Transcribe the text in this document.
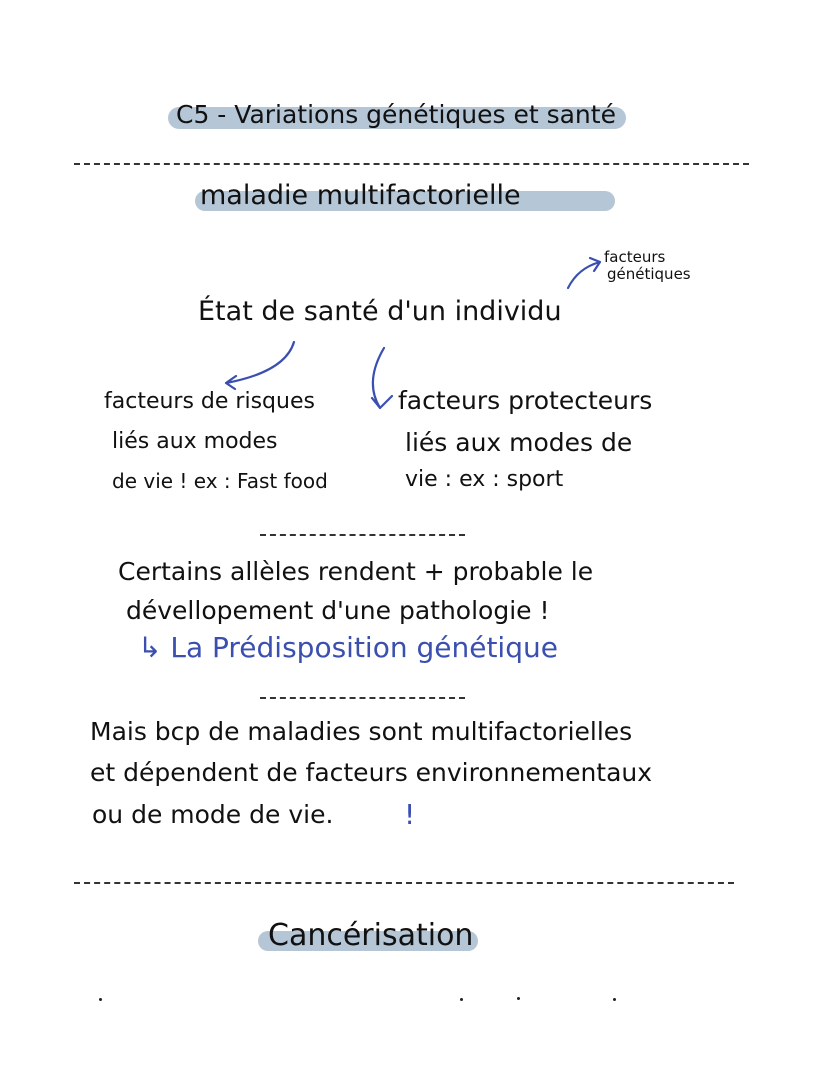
C5 - Variations génétiques et santé
maladie multifactorielle
facteurs
génétiques
État de santé d'un individu
facteurs de risques
liés aux modes
de vie ! ex : Fast food
facteurs protecteurs
liés aux modes de
vie : ex : sport
Certains allèles rendent + probable le
dévellopement d'une pathologie !
↳ La Prédisposition génétique
Mais bcp de maladies sont multifactorielles
et dépendent de facteurs environnementaux
ou de mode de vie.	!
Cancérisation
